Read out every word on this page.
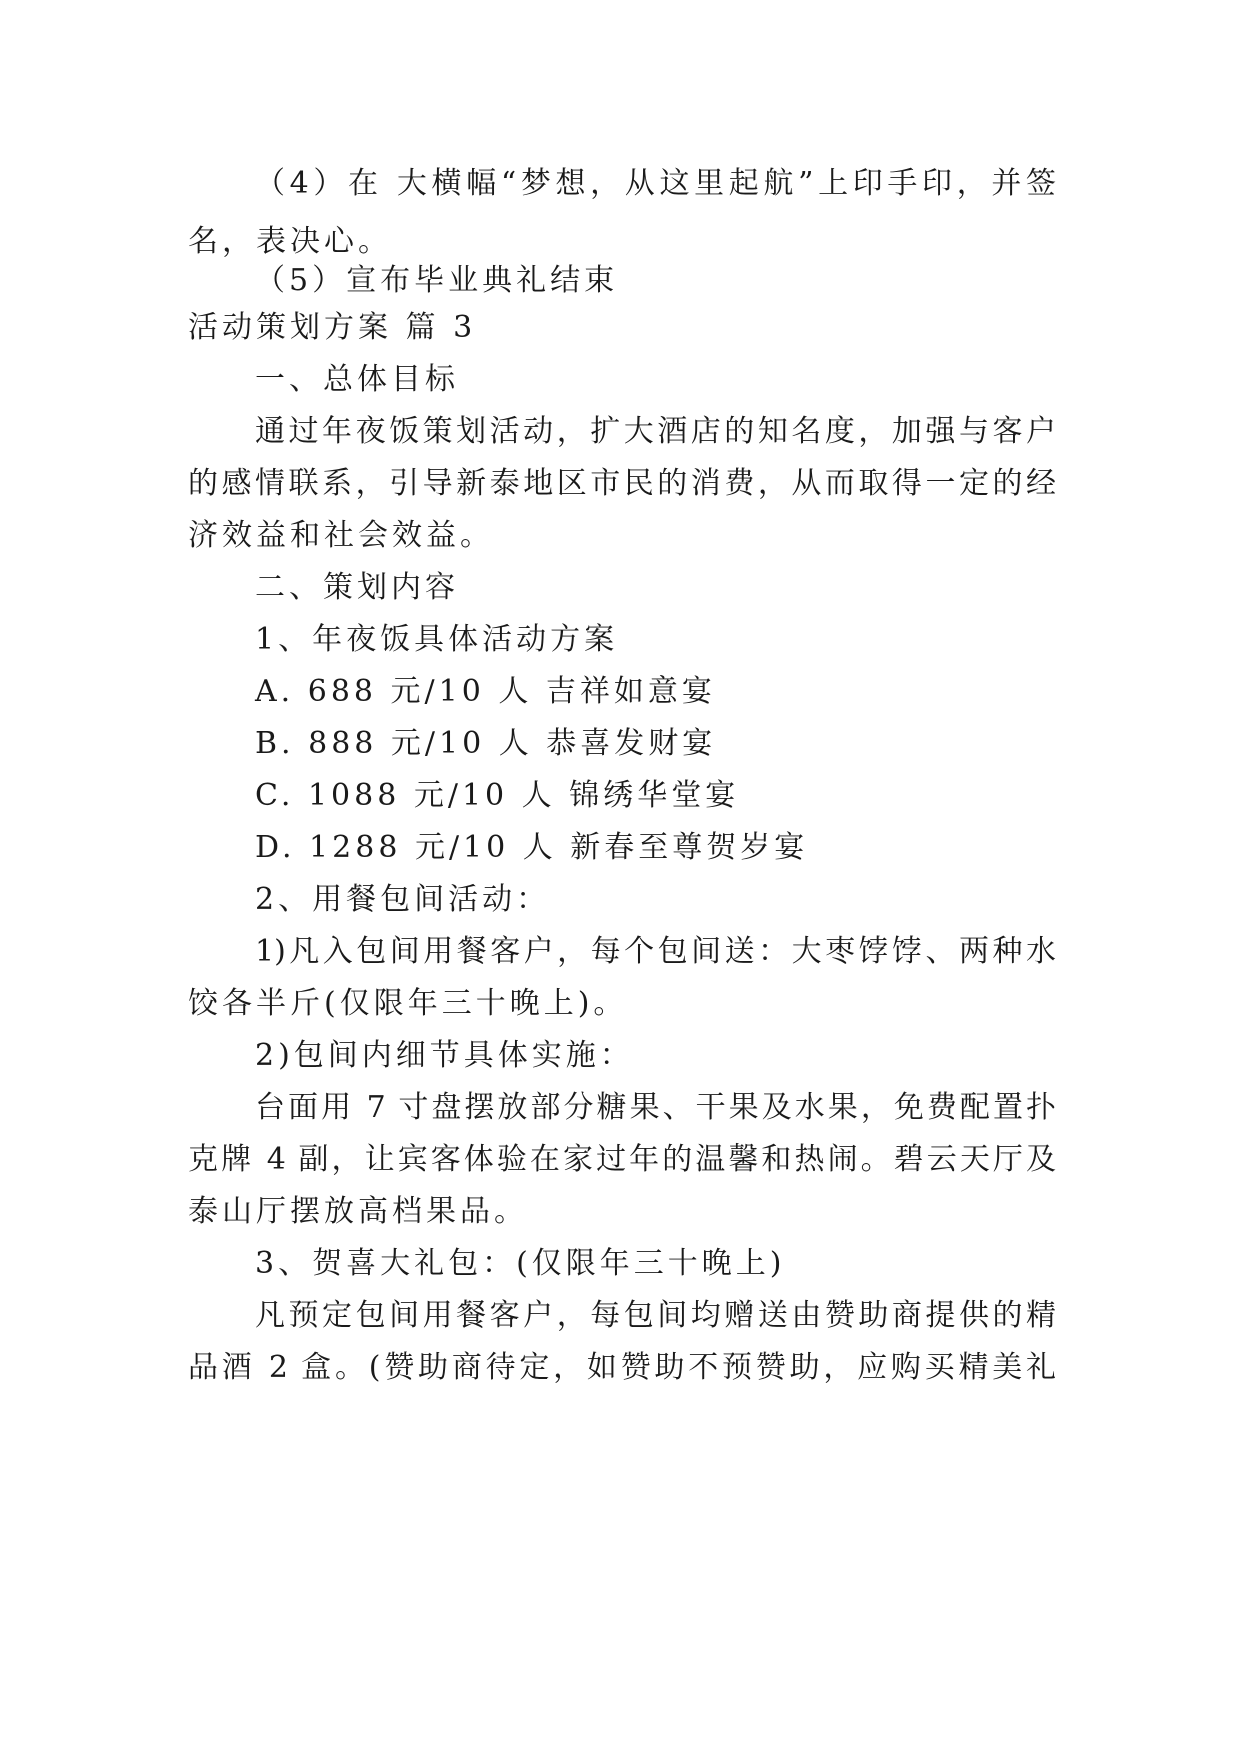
（4）在 大横幅“梦想，从这里起航”上印手印，并签
名，表决心。
（5）宣布毕业典礼结束
活动策划方案 篇 3
一、总体目标
通过年夜饭策划活动，扩大酒店的知名度，加强与客户
的感情联系，引导新泰地区市民的消费，从而取得一定的经
济效益和社会效益。
二、策划内容
1、年夜饭具体活动方案
A. 688 元/10 人 吉祥如意宴
B. 888 元/10 人 恭喜发财宴
C. 1088 元/10 人 锦绣华堂宴
D. 1288 元/10 人 新春至尊贺岁宴
2、用餐包间活动：
1)凡入包间用餐客户，每个包间送：大枣饽饽、两种水
饺各半斤(仅限年三十晚上)。
2)包间内细节具体实施：
台面用 7 寸盘摆放部分糖果、干果及水果，免费配置扑
克牌 4 副，让宾客体验在家过年的温馨和热闹。碧云天厅及
泰山厅摆放高档果品。
3、贺喜大礼包：(仅限年三十晚上)
凡预定包间用餐客户，每包间均赠送由赞助商提供的精
品酒 2 盒。(赞助商待定，如赞助不预赞助，应购买精美礼
